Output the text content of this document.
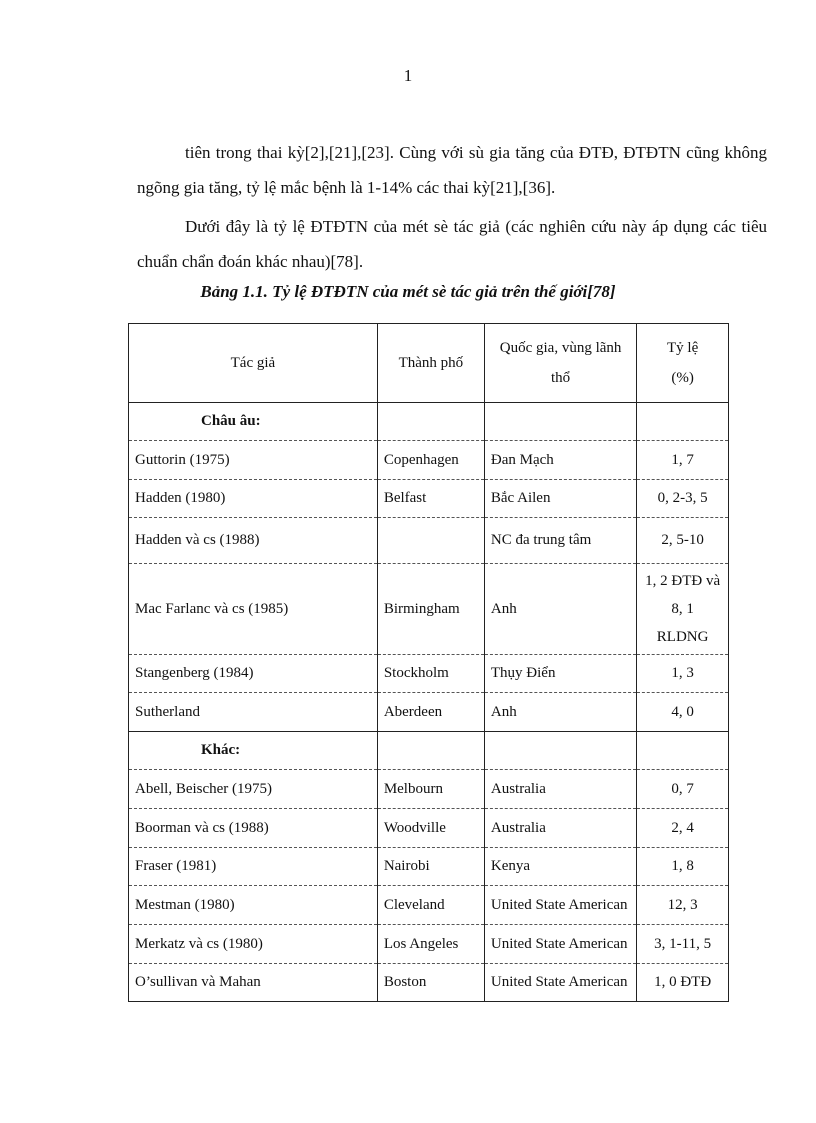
1

tiên trong thai kỳ[2],[21],[23]. Cùng với sù gia tăng của ĐTĐ, ĐTĐTN cũng không ngõng gia tăng, tỷ lệ mắc bệnh là 1-14% các thai kỳ[21],[36].

Dưới đây là tỷ lệ ĐTĐTN của mét sè tác giả (các nghiên cứu này áp dụng các tiêu chuẩn chẩn đoán khác nhau)[78].

Bảng 1.1. Tỷ lệ ĐTĐTN của mét sè tác giả trên thế giới[78]
Tác giả	Thành phố	Quốc gia, vùng lãnh thổ	Tỷ lệ
(%)

Châu âu:			
Guttorin (1975)	Copenhagen	Đan Mạch	1, 7
Hadden (1980)	Belfast	Bắc Ailen	0, 2-3, 5
Hadden và cs (1988)		NC đa trung tâm	2, 5-10
Mac Farlanc và cs (1985)	Birmingham	Anh	1, 2 ĐTĐ và
8, 1
RLDNG

Stangenberg (1984)	Stockholm	Thụy Điển	1, 3
Sutherland	Aberdeen	Anh	4, 0
Khác:			
Abell, Beischer (1975)	Melbourn	Australia	0, 7
Boorman và cs (1988)	Woodville	Australia	2, 4
Fraser (1981)	Nairobi	Kenya	1, 8
Mestman (1980)	Cleveland	United State American	12, 3
Merkatz và cs (1980)	Los Angeles	United State American	3, 1-11, 5
O’sullivan và Mahan	Boston	United State American	1, 0 ĐTĐ
